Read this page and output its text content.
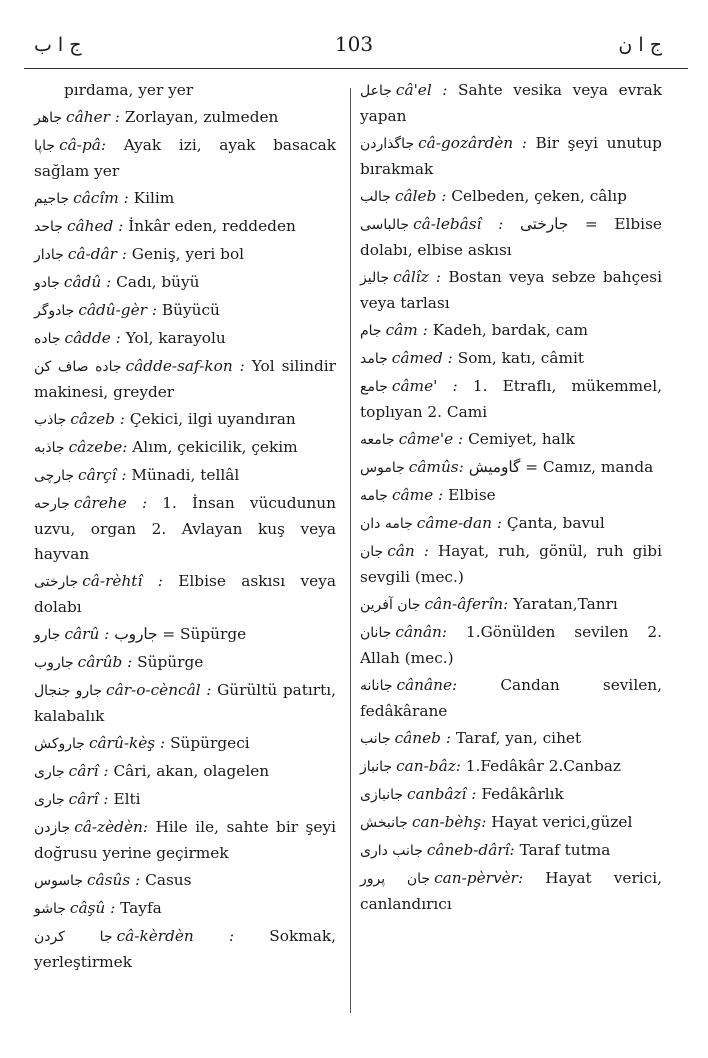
ج ا ب	103	ج ا ن
pırdama, yer yer
جاهر câher : Zorlayan, zulmeden
جاپا câ-pâ: Ayak izi, ayak basacak sağlam yer
جاجيم câcîm : Kilim
جاحد câhed : İnkâr eden, reddeden
جادار câ-dâr : Geniş, yeri bol
جادو câdû : Cadı, büyü
جادوگر câdû-gèr : Büyücü
جاده câdde : Yol, karayolu
جاده صاف كن câdde-saf-kon : Yol silindir makinesi, greyder
جاذب câzeb : Çekici, ilgi uyandıran
جاذبه câzebe: Alım, çekicilik, çekim
جارچى cârçî : Münadi, tellâl
جارحه cârehe : 1. İnsan vücudunun uzvu, organ 2. Avlayan kuş veya hayvan
جارختى câ-rèhtî : Elbise askısı veya dolabı
جارو cârû : جاروب = Süpürge
جاروب cârûb : Süpürge
جارو جنجال câr-o-cèncâl : Gürültü patırtı, kalabalık
جاروكش cârû-kèş : Süpürgeci
جارى cârî : Câri, akan, olagelen
جارى cârî : Elti
جازدن câ-zèdèn: Hile ile, sahte bir şeyi doğrusu yerine geçirmek
جاسوس câsûs : Casus
جاشو câşû : Tayfa
جا كردن câ-kèrdèn : Sokmak, yerleştirmek
جاعل câ'el : Sahte vesika veya evrak yapan
جاگذاردن câ-gozârdèn : Bir şeyi unutup bırakmak
جالب câleb : Celbeden, çeken, câlıp
جالباسى câ-lebâsî : جارختى = Elbise dolabı, elbise askısı
جاليز câlîz : Bostan veya sebze bahçesi veya tarlası
جام câm : Kadeh, bardak, cam
جامد câmed : Som, katı, câmit
جامع câme' : 1. Etraflı, mükemmel, toplıyan 2. Cami
جامعه câme'e : Cemiyet, halk
جاموس câmûs: گاوميش = Camız, manda
جامه câme : Elbise
جامه دان câme-dan : Çanta, bavul
جان cân : Hayat, ruh, gönül, ruh gibi sevgili (mec.)
جان آفرين cân-âferîn: Yaratan,Tanrı
جانان cânân: 1.Gönülden sevilen 2. Allah (mec.)
جانانه cânâne:	Candan sevilen, fedâkârane
جانب câneb : Taraf, yan, cihet
جانباز can-bâz: 1.Fedâkâr 2.Canbaz
جانبازى canbâzî : Fedâkârlık
جانبخش can-bèhş: Hayat verici,güzel
جانب دارى câneb-dârî: Taraf tutma
جان پرور can-pèrvèr: Hayat verici, canlandırıcı
